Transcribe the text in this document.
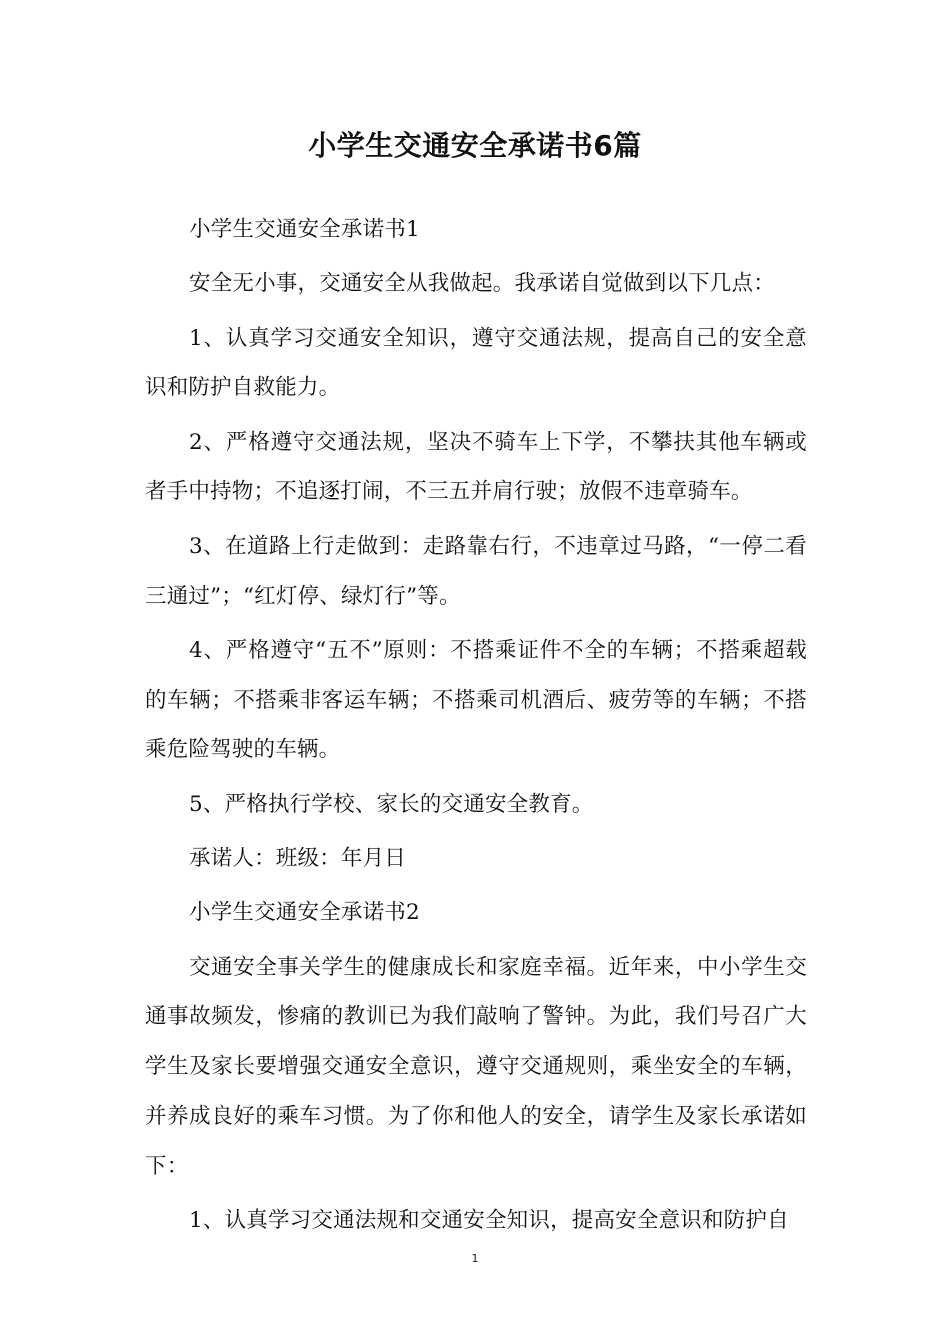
小学生交通安全承诺书6篇

小学生交通安全承诺书1

安全无小事，交通安全从我做起。我承诺自觉做到以下几点：

1、认真学习交通安全知识，遵守交通法规，提高自己的安全意识和防护自救能力。

2、严格遵守交通法规，坚决不骑车上下学，不攀扶其他车辆或者手中持物；不追逐打闹，不三五并肩行驶；放假不违章骑车。

3、在道路上行走做到：走路靠右行，不违章过马路，“一停二看三通过”；“红灯停、绿灯行”等。

4、严格遵守“五不”原则：不搭乘证件不全的车辆；不搭乘超载的车辆；不搭乘非客运车辆；不搭乘司机酒后、疲劳等的车辆；不搭乘危险驾驶的车辆。

5、严格执行学校、家长的交通安全教育。

承诺人：班级：年月日

小学生交通安全承诺书2

交通安全事关学生的健康成长和家庭幸福。近年来，中小学生交通事故频发，惨痛的教训已为我们敲响了警钟。为此，我们号召广大学生及家长要增强交通安全意识，遵守交通规则，乘坐安全的车辆，并养成良好的乘车习惯。为了你和他人的安全，请学生及家长承诺如下：

1、认真学习交通法规和交通安全知识，提高安全意识和防护自

1
